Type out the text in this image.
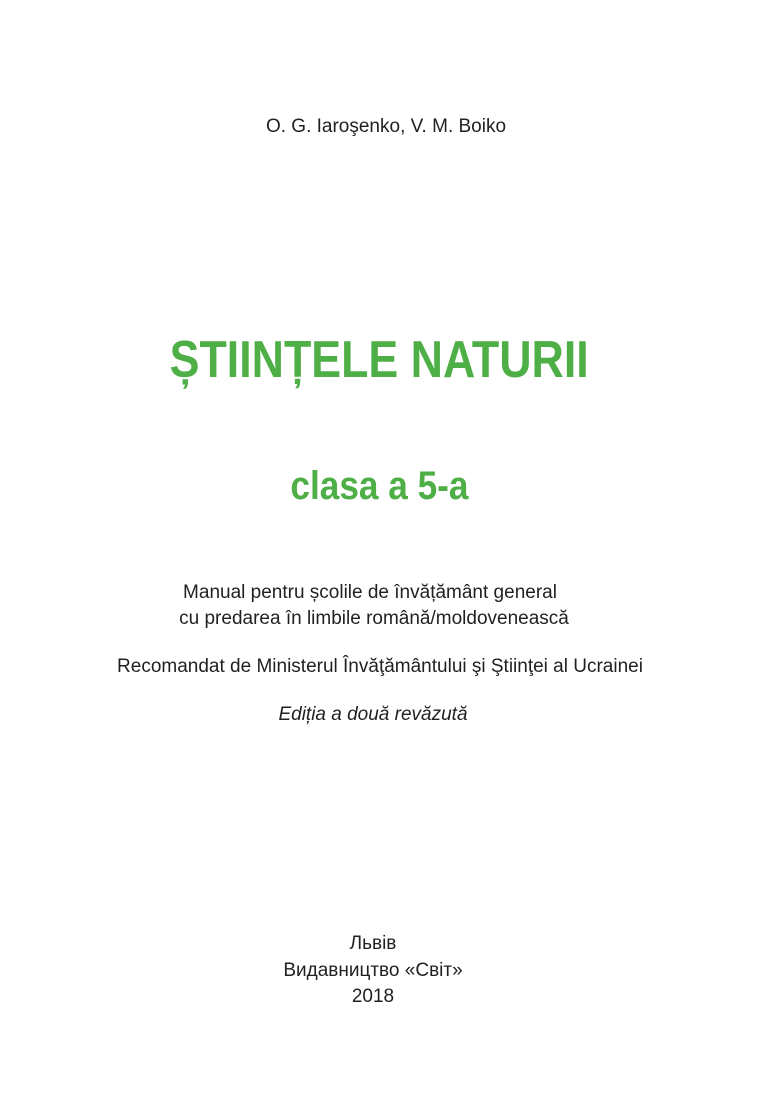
O. G. Iaroşenko, V. M. Boiko
ȘTIINȚELE NATURII
clasa a 5-a
Manual pentru școlile de învățământ general
cu predarea în limbile română/moldovenească
Recomandat de Ministerul Învăţământului şi Ştiinţei al Ucrainei
Ediția a două revăzută
Львів
Видавництво «Світ»
2018
